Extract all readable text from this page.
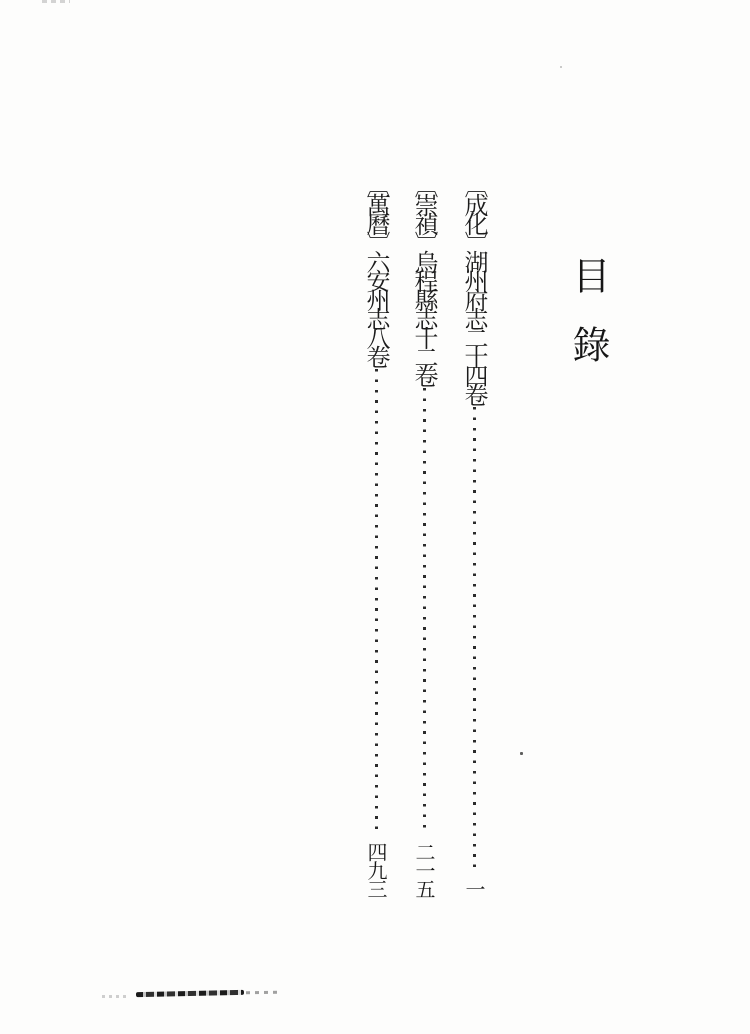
目錄
〔成化〕湖州府志二十四卷
一
〔崇禎〕烏程縣志十二卷
二一五
〔萬曆〕六安州志八卷
四九三
